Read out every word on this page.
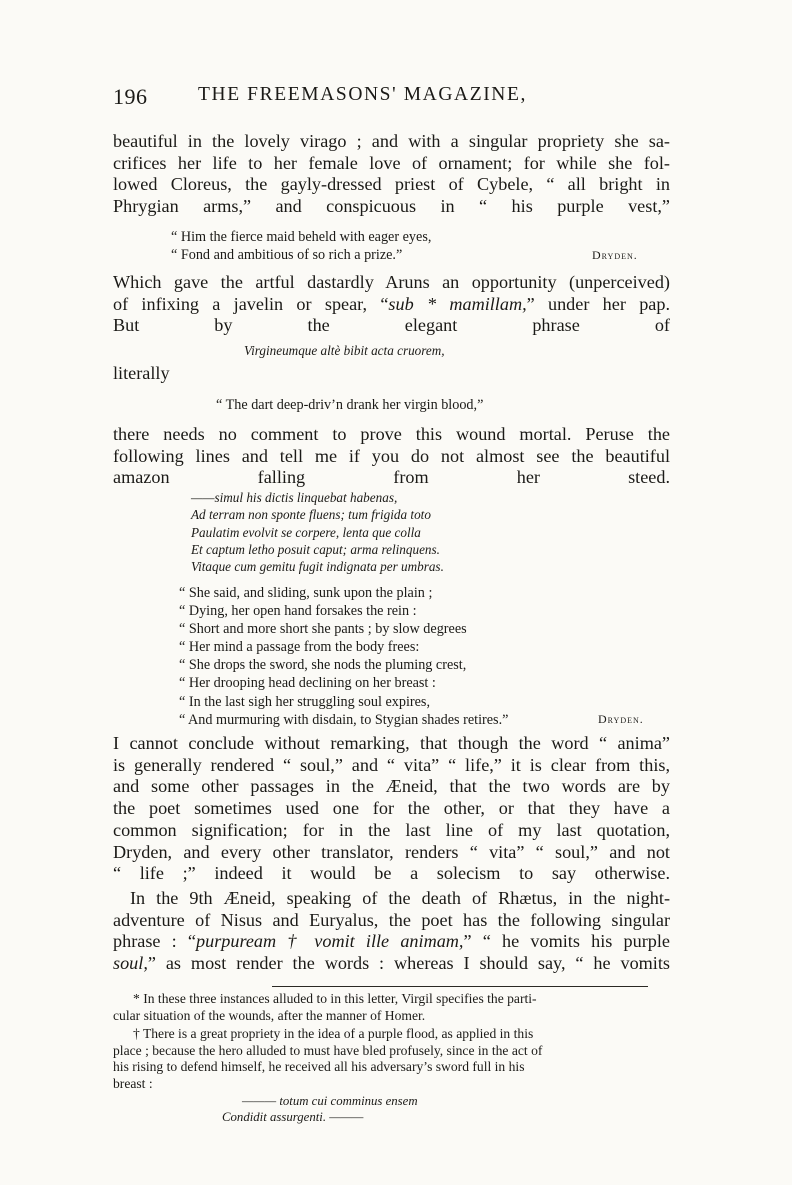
196	THE FREEMASONS' MAGAZINE,
beautiful in the lovely virago ; and with a singular propriety she sa-
crifices her life to her female love of ornament; for while she fol-
lowed Cloreus, the gayly-dressed priest of Cybele, “ all bright in
Phrygian arms,” and conspicuous in “ his purple vest,”
“ Him the fierce maid beheld with eager eyes,
“ Fond and ambitious of so rich a prize.”	Dryden.
Which gave the artful dastardly Aruns an opportunity (unperceived)
of infixing a javelin or spear, “sub * mamillam,” under her pap.
But by the elegant phrase of
Virgineumque altè bibit acta cruorem,
literally
“ The dart deep-driv’n drank her virgin blood,”
there needs no comment to prove this wound mortal. Peruse the
following lines and tell me if you do not almost see the beautiful
amazon falling from her steed.
——simul his dictis linquebat habenas,
Ad terram non sponte fluens; tum frigida toto
Paulatim evolvit se corpere, lenta que colla
Et captum letho posuit caput; arma relinquens.
Vitaque cum gemitu fugit indignata per umbras.
“ She said, and sliding, sunk upon the plain ;
“ Dying, her open hand forsakes the rein :
“ Short and more short she pants ; by slow degrees
“ Her mind a passage from the body frees:
“ She drops the sword, she nods the pluming crest,
“ Her drooping head declining on her breast :
“ In the last sigh her struggling soul expires,
“ And murmuring with disdain, to Stygian shades retires.”	Dryden.
I cannot conclude without remarking, that though the word “ anima”
is generally rendered “ soul,” and “ vita” “ life,” it is clear from this,
and some other passages in the Æneid, that the two words are by
the poet sometimes used one for the other, or that they have a
common signification; for in the last line of my last quotation,
Dryden, and every other translator, renders “ vita” “ soul,” and not
“ life ;” indeed it would be a solecism to say otherwise.
In the 9th Æneid, speaking of the death of Rhætus, in the night-
adventure of Nisus and Euryalus, the poet has the following singular
phrase : “purpuream † vomit ille animam,” “ he vomits his purple
soul,” as most render the words : whereas I should say, “ he vomits
* In these three instances alluded to in this letter, Virgil specifies the parti-
cular situation of the wounds, after the manner of Homer.
† There is a great propriety in the idea of a purple flood, as applied in this
place ; because the hero alluded to must have bled profusely, since in the act of
his rising to defend himself, he received all his adversary’s sword full in his
breast :
——— totum cui comminus ensem
Condidit assurgenti. ———
